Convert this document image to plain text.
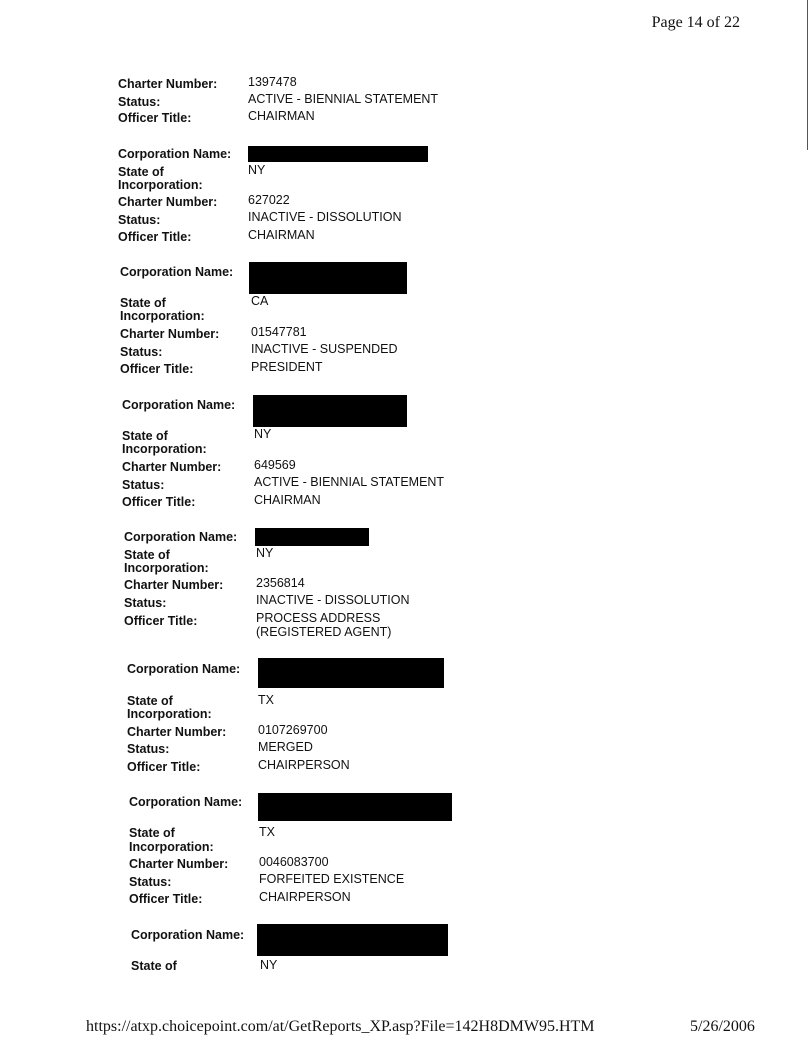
Page 14 of 22
Charter Number:	1397478
Status:	ACTIVE - BIENNIAL STATEMENT
Officer Title:	CHAIRMAN
Corporation Name:
State of
Incorporation:
NY
Charter Number:	627022
Status:	INACTIVE - DISSOLUTION
Officer Title:	CHAIRMAN
Corporation Name:
State of
Incorporation:
CA
Charter Number:	01547781
Status:	INACTIVE - SUSPENDED
Officer Title:	PRESIDENT
Corporation Name:
State of
Incorporation:
NY
Charter Number:	649569
Status:	ACTIVE - BIENNIAL STATEMENT
Officer Title:	CHAIRMAN
Corporation Name:
State of
Incorporation:
NY
Charter Number:	2356814
Status:	INACTIVE - DISSOLUTION
Officer Title:	PROCESS ADDRESS
(REGISTERED AGENT)
Corporation Name:
State of
Incorporation:
TX
Charter Number:	0107269700
Status:	MERGED
Officer Title:	CHAIRPERSON
Corporation Name:
State of
Incorporation:
TX
Charter Number:	0046083700
Status:	FORFEITED EXISTENCE
Officer Title:	CHAIRPERSON
Corporation Name:
State of	NY
https://atxp.choicepoint.com/at/GetReports_XP.asp?File=142H8DMW95.HTM	5/26/2006
